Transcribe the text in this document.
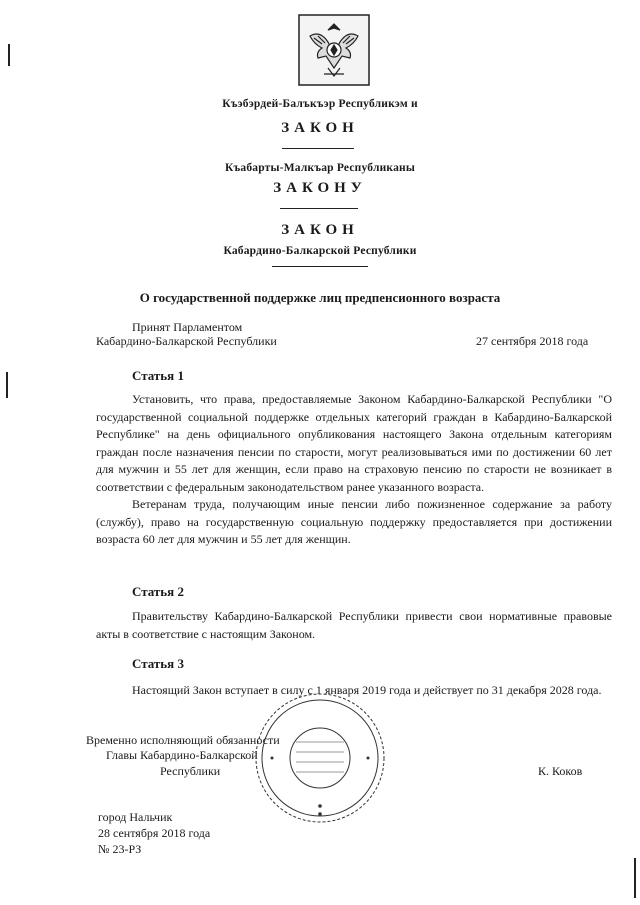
Къэбэрдей-Балъкъэр Республикэм и
ЗАКОН
Къабарты-Малкъар Республиканы
ЗАКОНУ
ЗАКОН
Кабардино-Балкарской Республики
О государственной поддержке лиц предпенсионного возраста
Принят Парламентом
Кабардино-Балкарской Республики	27 сентября 2018 года
Статья 1

Установить, что права, предоставляемые Законом Кабардино-Балкарской Республики "О государственной социальной поддержке отдельных категорий граждан в Кабардино-Балкарской Республике" на день официального опубликования настоящего Закона отдельным категориям граждан после назначения пенсии по старости, могут реализовываться ими по достижении 60 лет для мужчин и 55 лет для женщин, если право на страховую пенсию по старости не возникает в соответствии с федеральным законодательством ранее указанного возраста.

Ветеранам труда, получающим иные пенсии либо пожизненное содержание за работу (службу), право на государственную социальную поддержку предоставляется при достижении возраста 60 лет для мужчин и 55 лет для женщин.

Статья 2

Правительству Кабардино-Балкарской Республики привести свои нормативные правовые акты в соответствие с настоящим Законом.

Статья 3

Настоящий Закон вступает в силу с 1 января 2019 года и действует по 31 декабря 2028 года.

Временно исполняющий обязанности
Главы Кабардино-Балкарской
Республики	К. Коков
город Нальчик
28 сентября 2018 года
№ 23-РЗ
